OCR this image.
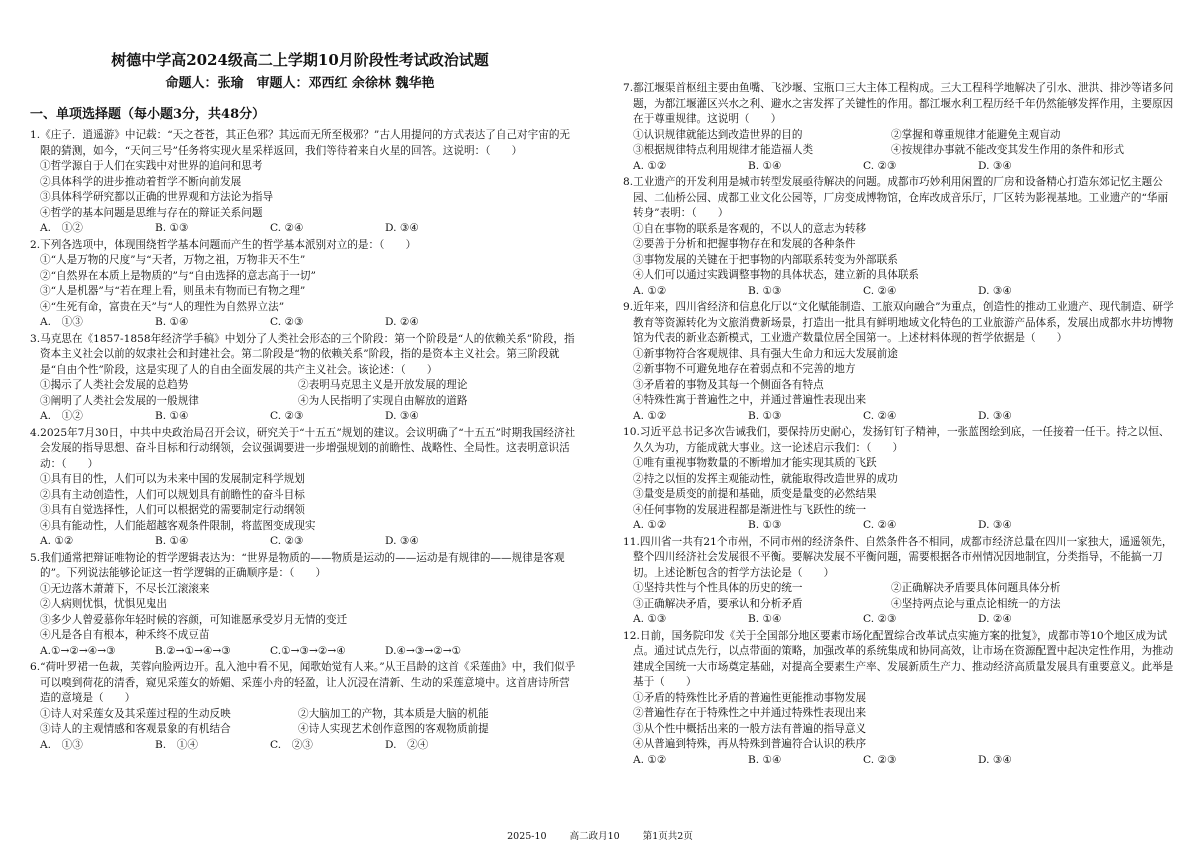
树德中学高2024级高二上学期10月阶段性考试政治试题
命题人：张瑜　审题人：邓西红 余徐林 魏华艳
一、单项选择题（每小题3分，共48分）
1.《庄子．逍遥游》中记载：“天之苍苍，其正色邪？其远而无所至极邪？”古人用提问的方式表达了自己对宇宙的无限的猜测，如今，“天问三号”任务将实现火星采样返回，我们等待着来自火星的回答。这说明：（　　）
①哲学源自于人们在实践中对世界的追问和思考
②具体科学的进步推动着哲学不断向前发展
③具体科学研究都以正确的世界观和方法论为指导
④哲学的基本问题是思维与存在的辩证关系问题
A.　①②	B. ①③	C. ②④	D. ③④
2.下列各选项中，体现围绕哲学基本问题而产生的哲学基本派别对立的是：（　　）
①“人是万物的尺度”与“天者，万物之祖，万物非天不生”
②“自然界在本质上是物质的”与“自由选择的意志高于一切”
③“人是机器”与“若在理上看，则虽未有物而已有物之理”
④“生死有命，富贵在天”与“人的理性为自然界立法”
A.　①③	B. ①④	C. ②③	D. ②④
3.马克思在《1857-1858年经济学手稿》中划分了人类社会形态的三个阶段：第一个阶段是“人的依赖关系”阶段，指资本主义社会以前的奴隶社会和封建社会。第二阶段是“物的依赖关系”阶段，指的是资本主义社会。第三阶段就是“自由个性”阶段，这是实现了人的自由全面发展的共产主义社会。该论述：（　　）
①揭示了人类社会发展的总趋势	②表明马克思主义是开放发展的理论
③阐明了人类社会发展的一般规律	④为人民指明了实现自由解放的道路
A.　①②	B. ①④	C. ②③	D. ③④
4.2025年7月30日，中共中央政治局召开会议，研究关于“十五五”规划的建议。会议明确了“十五五”时期我国经济社会发展的指导思想、奋斗目标和行动纲领，会议强调要进一步增强规划的前瞻性、战略性、全局性。这表明意识活动：（　　）
①具有目的性，人们可以为未来中国的发展制定科学规划
②具有主动创造性，人们可以规划具有前瞻性的奋斗目标
③具有自觉选择性，人们可以根据党的需要制定行动纲领
④具有能动性，人们能超越客观条件限制，将蓝图变成现实
A. ①②	B. ①④	C. ②③	D. ③④
5.我们通常把辩证唯物论的哲学逻辑表达为：“世界是物质的——物质是运动的——运动是有规律的——规律是客观的”。下列说法能够论证这一哲学逻辑的正确顺序是：（　　）
①无边落木萧萧下，不尽长江滚滚来
②人病则忧惧，忧惧见鬼出
③多少人曾爱慕你年轻时候的容颜，可知谁愿承受岁月无情的变迁
④凡是各自有根本，种禾终不成豆苗
A.①→②→④→③	B.②→①→④→③	C.①→③→②→④	D.④→③→②→①
6.“荷叶罗裙一色裁，芙蓉向脸两边开。乱入池中看不见，闻歌始觉有人来。”从王昌龄的这首《采莲曲》中，我们似乎可以嗅到荷花的清香，窥见采莲女的娇媚、采莲小舟的轻盈，让人沉浸在清新、生动的采莲意境中。这首唐诗所营造的意境是（　　）
①诗人对采莲女及其采莲过程的生动反映	②大脑加工的产物，其本质是大脑的机能
③诗人的主观情感和客观景象的有机结合	④诗人实现艺术创作意图的客观物质前提
A.　①③	B.　①④	C.　②③	D.　②④
7.都江堰渠首枢纽主要由鱼嘴、飞沙堰、宝瓶口三大主体工程构成。三大工程科学地解决了引水、泄洪、排沙等诸多问题，为都江堰灌区兴水之利、避水之害发挥了关键性的作用。都江堰水利工程历经千年仍然能够发挥作用，主要原因在于尊重规律。这说明（　　）
①认识规律就能达到改造世界的目的	②掌握和尊重规律才能避免主观盲动
③根据规律特点利用规律才能造福人类	④按规律办事就不能改变其发生作用的条件和形式
A. ①②	B. ①④	C. ②③	D. ③④
8.工业遗产的开发利用是城市转型发展亟待解决的问题。成都市巧妙利用闲置的厂房和设备精心打造东郊记忆主题公园、二仙桥公园、成都工业文化公园等，厂房变成博物馆，仓库改成音乐厅，厂区转为影视基地。工业遗产的“华丽转身”表明：（　　）
①自在事物的联系是客观的，不以人的意志为转移
②要善于分析和把握事物存在和发展的各种条件
③事物发展的关键在于把事物的内部联系转变为外部联系
④人们可以通过实践调整事物的具体状态，建立新的具体联系
A. ①②	B. ①③	C. ②④	D. ③④
9.近年来，四川省经济和信息化厅以“文化赋能制造、工旅双向融合”为重点，创造性的推动工业遗产、现代制造、研学教育等资源转化为文旅消费新场景，打造出一批具有鲜明地域文化特色的工业旅游产品体系，发展出成都水井坊博物馆为代表的新业态新模式，工业遗产数量位居全国第一。上述材料体现的哲学依据是（　　）
①新事物符合客观规律、具有强大生命力和远大发展前途
②新事物不可避免地存在着弱点和不完善的地方
③矛盾着的事物及其每一个侧面各有特点
④特殊性寓于普遍性之中，并通过普遍性表现出来
A. ①②	B. ①③	C. ②④	D. ③④
10.习近平总书记多次告诫我们，要保持历史耐心，发扬钉钉子精神，一张蓝图绘到底，一任接着一任干。持之以恒、久久为功，方能成就大事业。这一论述启示我们：（　　）
①唯有重视事物数量的不断增加才能实现其质的飞跃
②持之以恒的发挥主观能动性，就能取得改造世界的成功
③量变是质变的前提和基础，质变是量变的必然结果
④任何事物的发展进程都是渐进性与飞跃性的统一
A. ①②	B. ①③	C. ②④	D. ③④
11.四川省一共有21个市州，不同市州的经济条件、自然条件各不相同，成都市经济总量在四川一家独大，遥遥领先，整个四川经济社会发展很不平衡。要解决发展不平衡问题，需要根据各市州情况因地制宜，分类指导，不能搞一刀切。上述论断包含的哲学方法论是（　　）
①坚持共性与个性具体的历史的统一	②正确解决矛盾要具体问题具体分析
③正确解决矛盾，要承认和分析矛盾	④坚持两点论与重点论相统一的方法
A. ①③	B. ①④	C. ②③	D. ②④
12.日前，国务院印发《关于全国部分地区要素市场化配置综合改革试点实施方案的批复》，成都市等10个地区成为试点。通过试点先行，以点带面的策略，加强改革的系统集成和协同高效，让市场在资源配置中起决定性作用，为推动建成全国统一大市场奠定基础，对提高全要素生产率、发展新质生产力、推动经济高质量发展具有重要意义。此举是基于（　　）
①矛盾的特殊性比矛盾的普遍性更能推动事物发展
②普遍性存在于特殊性之中并通过特殊性表现出来
③从个性中概括出来的一般方法有普遍的指导意义
④从普遍到特殊，再从特殊到普遍符合认识的秩序
A. ①②	B. ①④	C. ②③	D. ③④
2025-10 高二政月10 第1页共2页
